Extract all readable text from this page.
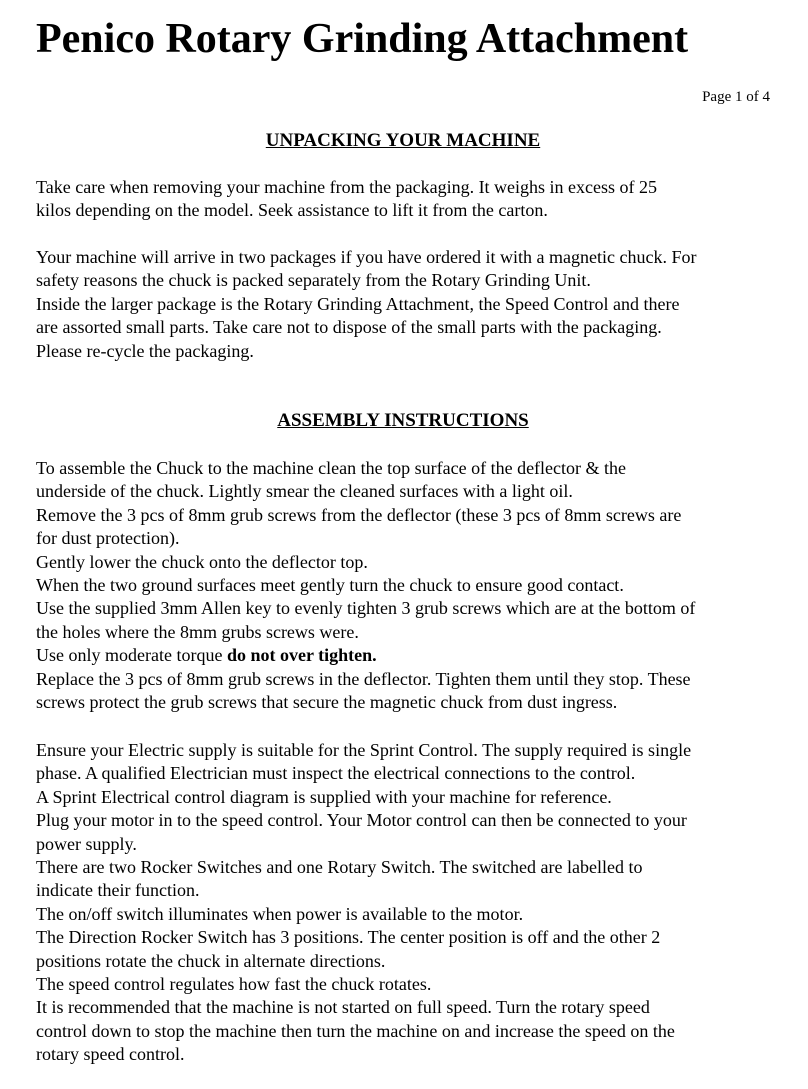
Penico Rotary Grinding Attachment
Page 1 of 4
UNPACKING YOUR MACHINE
Take care when removing your machine from the packaging. It weighs in excess of 25
kilos depending on the model. Seek assistance to lift it from the carton.
Your machine will arrive in two packages if you have ordered it with a magnetic chuck. For
safety reasons the chuck is packed separately from the Rotary Grinding Unit.
Inside the larger package is the Rotary Grinding Attachment, the Speed Control and there
are assorted small parts. Take care not to dispose of the small parts with the packaging.
Please re-cycle the packaging.
ASSEMBLY INSTRUCTIONS
To assemble the Chuck to the machine clean the top surface of the deflector & the
underside of the chuck. Lightly smear the cleaned surfaces with a light oil.
Remove the 3 pcs of 8mm grub screws from the deflector (these 3 pcs of 8mm screws are
for dust protection).
Gently lower the chuck onto the deflector top.
When the two ground surfaces meet gently turn the chuck to ensure good contact.
Use the supplied 3mm Allen key to evenly tighten 3 grub screws which are at the bottom of
the holes where the 8mm grubs screws were.
Use only moderate torque do not over tighten.
Replace the 3 pcs of 8mm grub screws in the deflector. Tighten them until they stop. These
screws protect the grub screws that secure the magnetic chuck from dust ingress.
Ensure your Electric supply is suitable for the Sprint Control. The supply required is single
phase. A qualified Electrician must inspect the electrical connections to the control.
A Sprint Electrical control diagram is supplied with your machine for reference.
Plug your motor in to the speed control. Your Motor control can then be connected to your
power supply.
There are two Rocker Switches and one Rotary Switch. The switched are labelled to
indicate their function.
The on/off switch illuminates when power is available to the motor.
The Direction Rocker Switch has 3 positions. The center position is off and the other 2
positions rotate the chuck in alternate directions.
The speed control regulates how fast the chuck rotates.
It is recommended that the machine is not started on full speed. Turn the rotary speed
control down to stop the machine then turn the machine on and increase the speed on the
rotary speed control.
